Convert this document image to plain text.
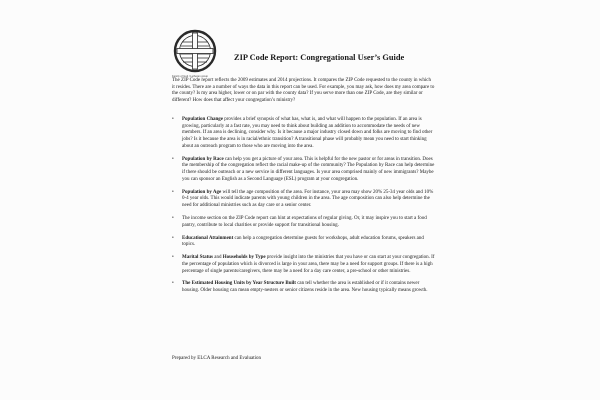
Family of God / Lutheran group
ZIP Code Report: Congregational User’s Guide

The ZIP Code report reflects the 2009 estimates and 2014 projections. It compares the ZIP Code requested to the county in which it resides. There are a number of ways the data in this report can be used. For example, you may ask, how does my area compare to the county? Is my area higher, lower or on par with the county data? If you serve more than one ZIP Code, are they similar or different? How does that affect your congregation’s ministry?

• Population Change provides a brief synopsis of what has, what is, and what will happen to the population. If an area is growing, particularly at a fast rate, you may need to think about building an addition to accommodate the needs of new members. If an area is declining, consider why. Is it because a major industry closed down and folks are moving to find other jobs? Is it because the area is in racial/ethnic transition? A transitional phase will probably mean you need to start thinking about an outreach program to those who are moving into the area.
• Population by Race can help you get a picture of your area. This is helpful for the new pastor or for areas in transition. Does the membership of the congregation reflect the racial make-up of the community? The Population by Race can help determine if there should be outreach or a new service in different languages. Is your area comprised mainly of new immigrants? Maybe you can sponsor an English as a Second Language (ESL) program at your congregation.
• Population by Age will tell the age composition of the area. For instance, your area may show 20% 25-34 year olds and 10% 0-4 year olds. This would indicate parents with young children in the area. The age composition can also help determine the need for additional ministries such as day care or a senior center.
• The income section on the ZIP Code report can hint at expectations of regular giving. Or, it may inspire you to start a food pantry, contribute to local charities or provide support for transitional housing.
• Educational Attainment can help a congregation determine guests for workshops, adult education forums, speakers and topics.
• Marital Status and Households by Type provide insight into the ministries that you have or can start at your congregation. If the percentage of population which is divorced is large in your area, there may be a need for support groups. If there is a high percentage of single parents/caregivers, there may be a need for a day care center, a pre-school or other ministries.
• The Estimated Housing Units by Year Structure Built can tell whether the area is established or if it contains newer housing. Older housing can mean empty-nesters or senior citizens reside in the area. New housing typically means growth.
Prepared by ELCA Research and Evaluation
